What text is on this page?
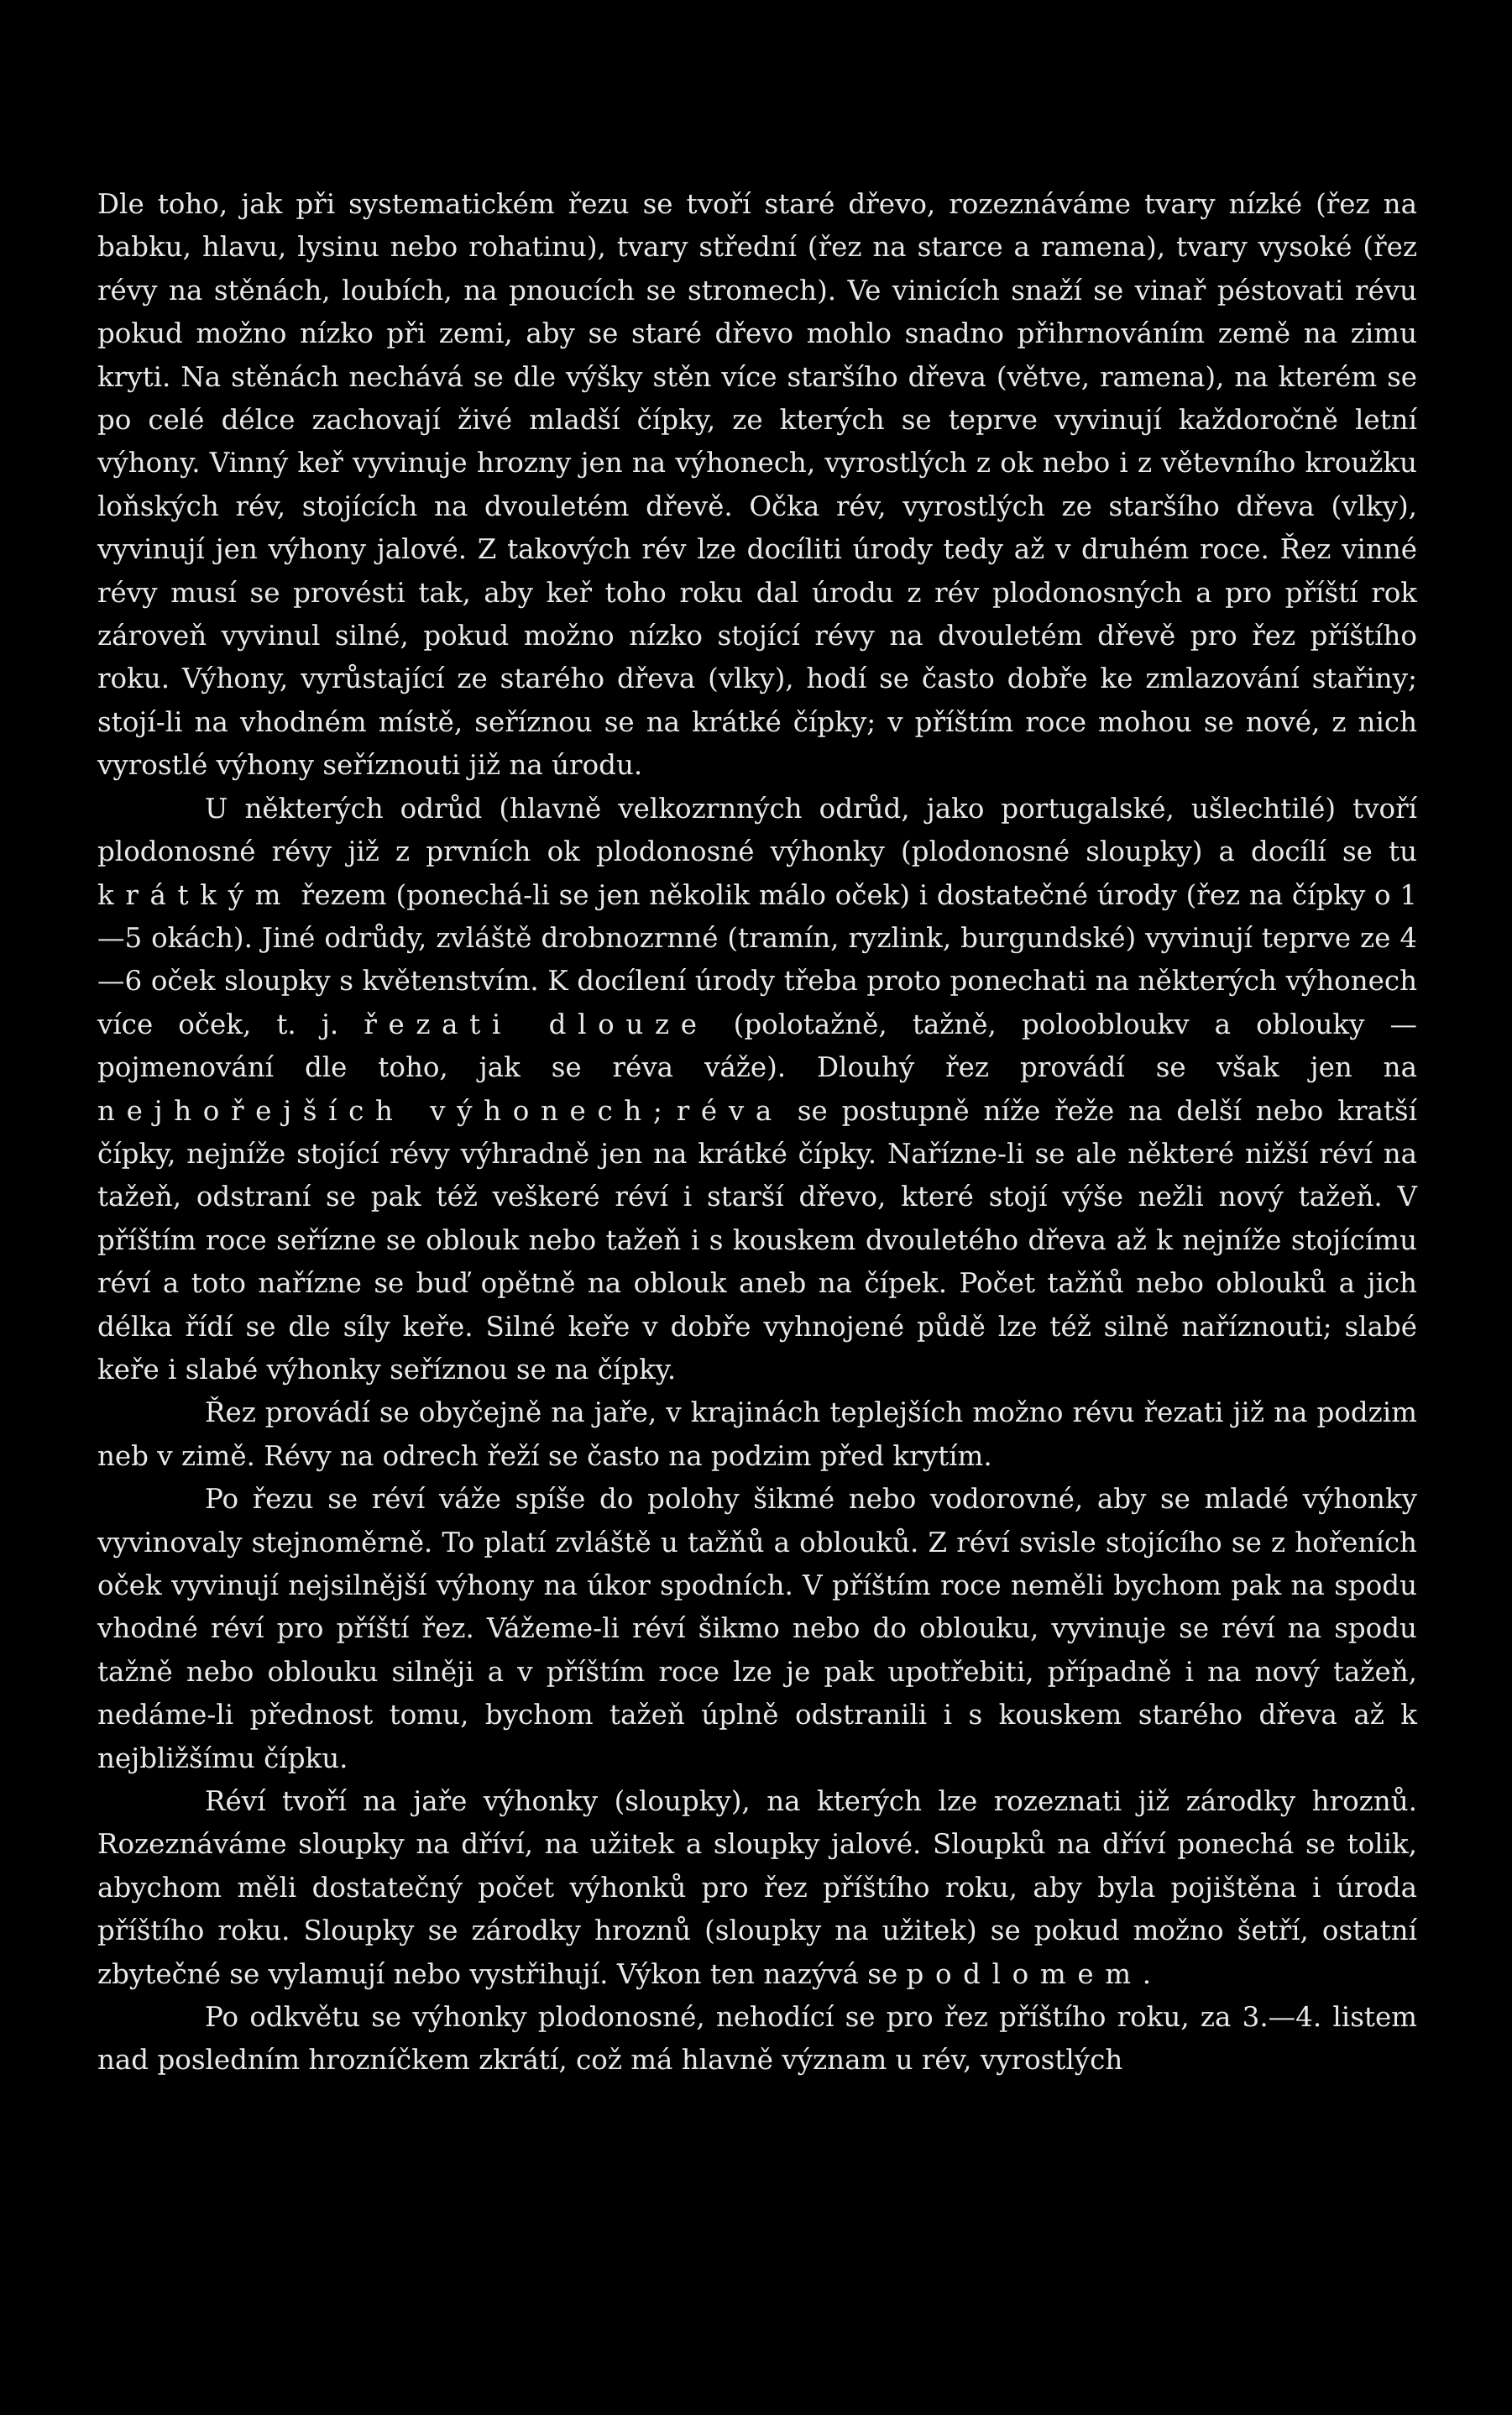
Dle toho, jak při systematickém řezu se tvoří staré dřevo, rozeznáváme tvary nízké (řez na babku, hlavu, lysinu nebo rohatinu), tvary střední (řez na starce a ramena), tvary vysoké (řez révy na stěnách, loubích, na pnoucích se stromech). Ve vinicích snaží se vinař péstovati révu pokud možno nízko při zemi, aby se staré dřevo mohlo snadno přihrnováním země na zimu kryti. Na stěnách nechává se dle výšky stěn více staršího dřeva (větve, ramena), na kterém se po celé délce zachovají živé mladší čípky, ze kterých se teprve vyvinují každoročně letní výhony. Vinný keř vyvinuje hrozny jen na výhonech, vyrostlých z ok nebo i z větevního kroužku loňských rév, stojících na dvouletém dřevě. Očka rév, vyrostlých ze staršího dřeva (vlky), vyvinují jen výhony jalové. Z takových rév lze docíliti úrody tedy až v druhém roce. Řez vinné révy musí se provésti tak, aby keř toho roku dal úrodu z rév plodonosných a pro příští rok zároveň vyvinul silné, pokud možno nízko stojící révy na dvouletém dřevě pro řez příštího roku. Výhony, vyrůstající ze starého dřeva (vlky), hodí se často dobře ke zmlazování stařiny; stojí-li na vhodném místě, seříznou se na krátké čípky; v příštím roce mohou se nové, z nich vyrostlé výhony seříznouti již na úrodu.

U některých odrůd (hlavně velkozrnných odrůd, jako portugalské, ušlechtilé) tvoří plodonosné révy již z prvních ok plodonosné výhonky (plodonosné sloupky) a docílí se tu krátkým řezem (ponechá-li se jen několik málo oček) i dostatečné úrody (řez na čípky o 1—5 okách). Jiné odrůdy, zvláště drobnozrnné (tramín, ryzlink, burgundské) vyvinují teprve ze 4—6 oček sloupky s květenstvím. K docílení úrody třeba proto ponechati na některých výhonech více oček, t. j. řezati dlouze (polotažně, tažně, poloobloukv a oblouky — pojmenování dle toho, jak se réva váže). Dlouhý řez provádí se však jen na nejhořejších výhonech; réva se postupně níže řeže na delší nebo kratší čípky, nejníže stojící révy výhradně jen na krátké čípky. Nařízne-li se ale některé nižší réví na tažeň, odstraní se pak též veškeré réví i starší dřevo, které stojí výše nežli nový tažeň. V příštím roce seřízne se oblouk nebo tažeň i s kouskem dvouletého dřeva až k nejníže stojícímu réví a toto nařízne se buď opětně na oblouk aneb na čípek. Počet tažňů nebo oblouků a jich délka řídí se dle síly keře. Silné keře v dobře vyhnojené půdě lze též silně naříznouti; slabé keře i slabé výhonky seříznou se na čípky.

Řez provádí se obyčejně na jaře, v krajinách teplejších možno révu řezati již na podzim neb v zimě. Révy na odrech řeží se často na podzim před krytím.

Po řezu se réví váže spíše do polohy šikmé nebo vodorovné, aby se mladé výhonky vyvinovaly stejnoměrně. To platí zvláště u tažňů a oblouků. Z réví svisle stojícího se z hořeních oček vyvinují nejsilnější výhony na úkor spodních. V příštím roce neměli bychom pak na spodu vhodné réví pro příští řez. Vážeme-li réví šikmo nebo do oblouku, vyvinuje se réví na spodu tažně nebo oblouku silněji a v příštím roce lze je pak upotřebiti, případně i na nový tažeň, nedáme-li přednost tomu, bychom tažeň úplně odstranili i s kouskem starého dřeva až k nejbližšímu čípku.

Réví tvoří na jaře výhonky (sloupky), na kterých lze rozeznati již zárodky hroznů. Rozeznáváme sloupky na dříví, na užitek a sloupky jalové. Sloupků na dříví ponechá se tolik, abychom měli dostatečný počet výhonků pro řez příštího roku, aby byla pojištěna i úroda příštího roku. Sloupky se zárodky hroznů (sloupky na užitek) se pokud možno šetří, ostatní zbytečné se vylamují nebo vystřihují. Výkon ten nazývá se podlomem.

Po odkvětu se výhonky plodonosné, nehodící se pro řez příštího roku, za 3.—4. listem nad posledním hrozníčkem zkrátí, což má hlavně význam u rév, vyrostlých
